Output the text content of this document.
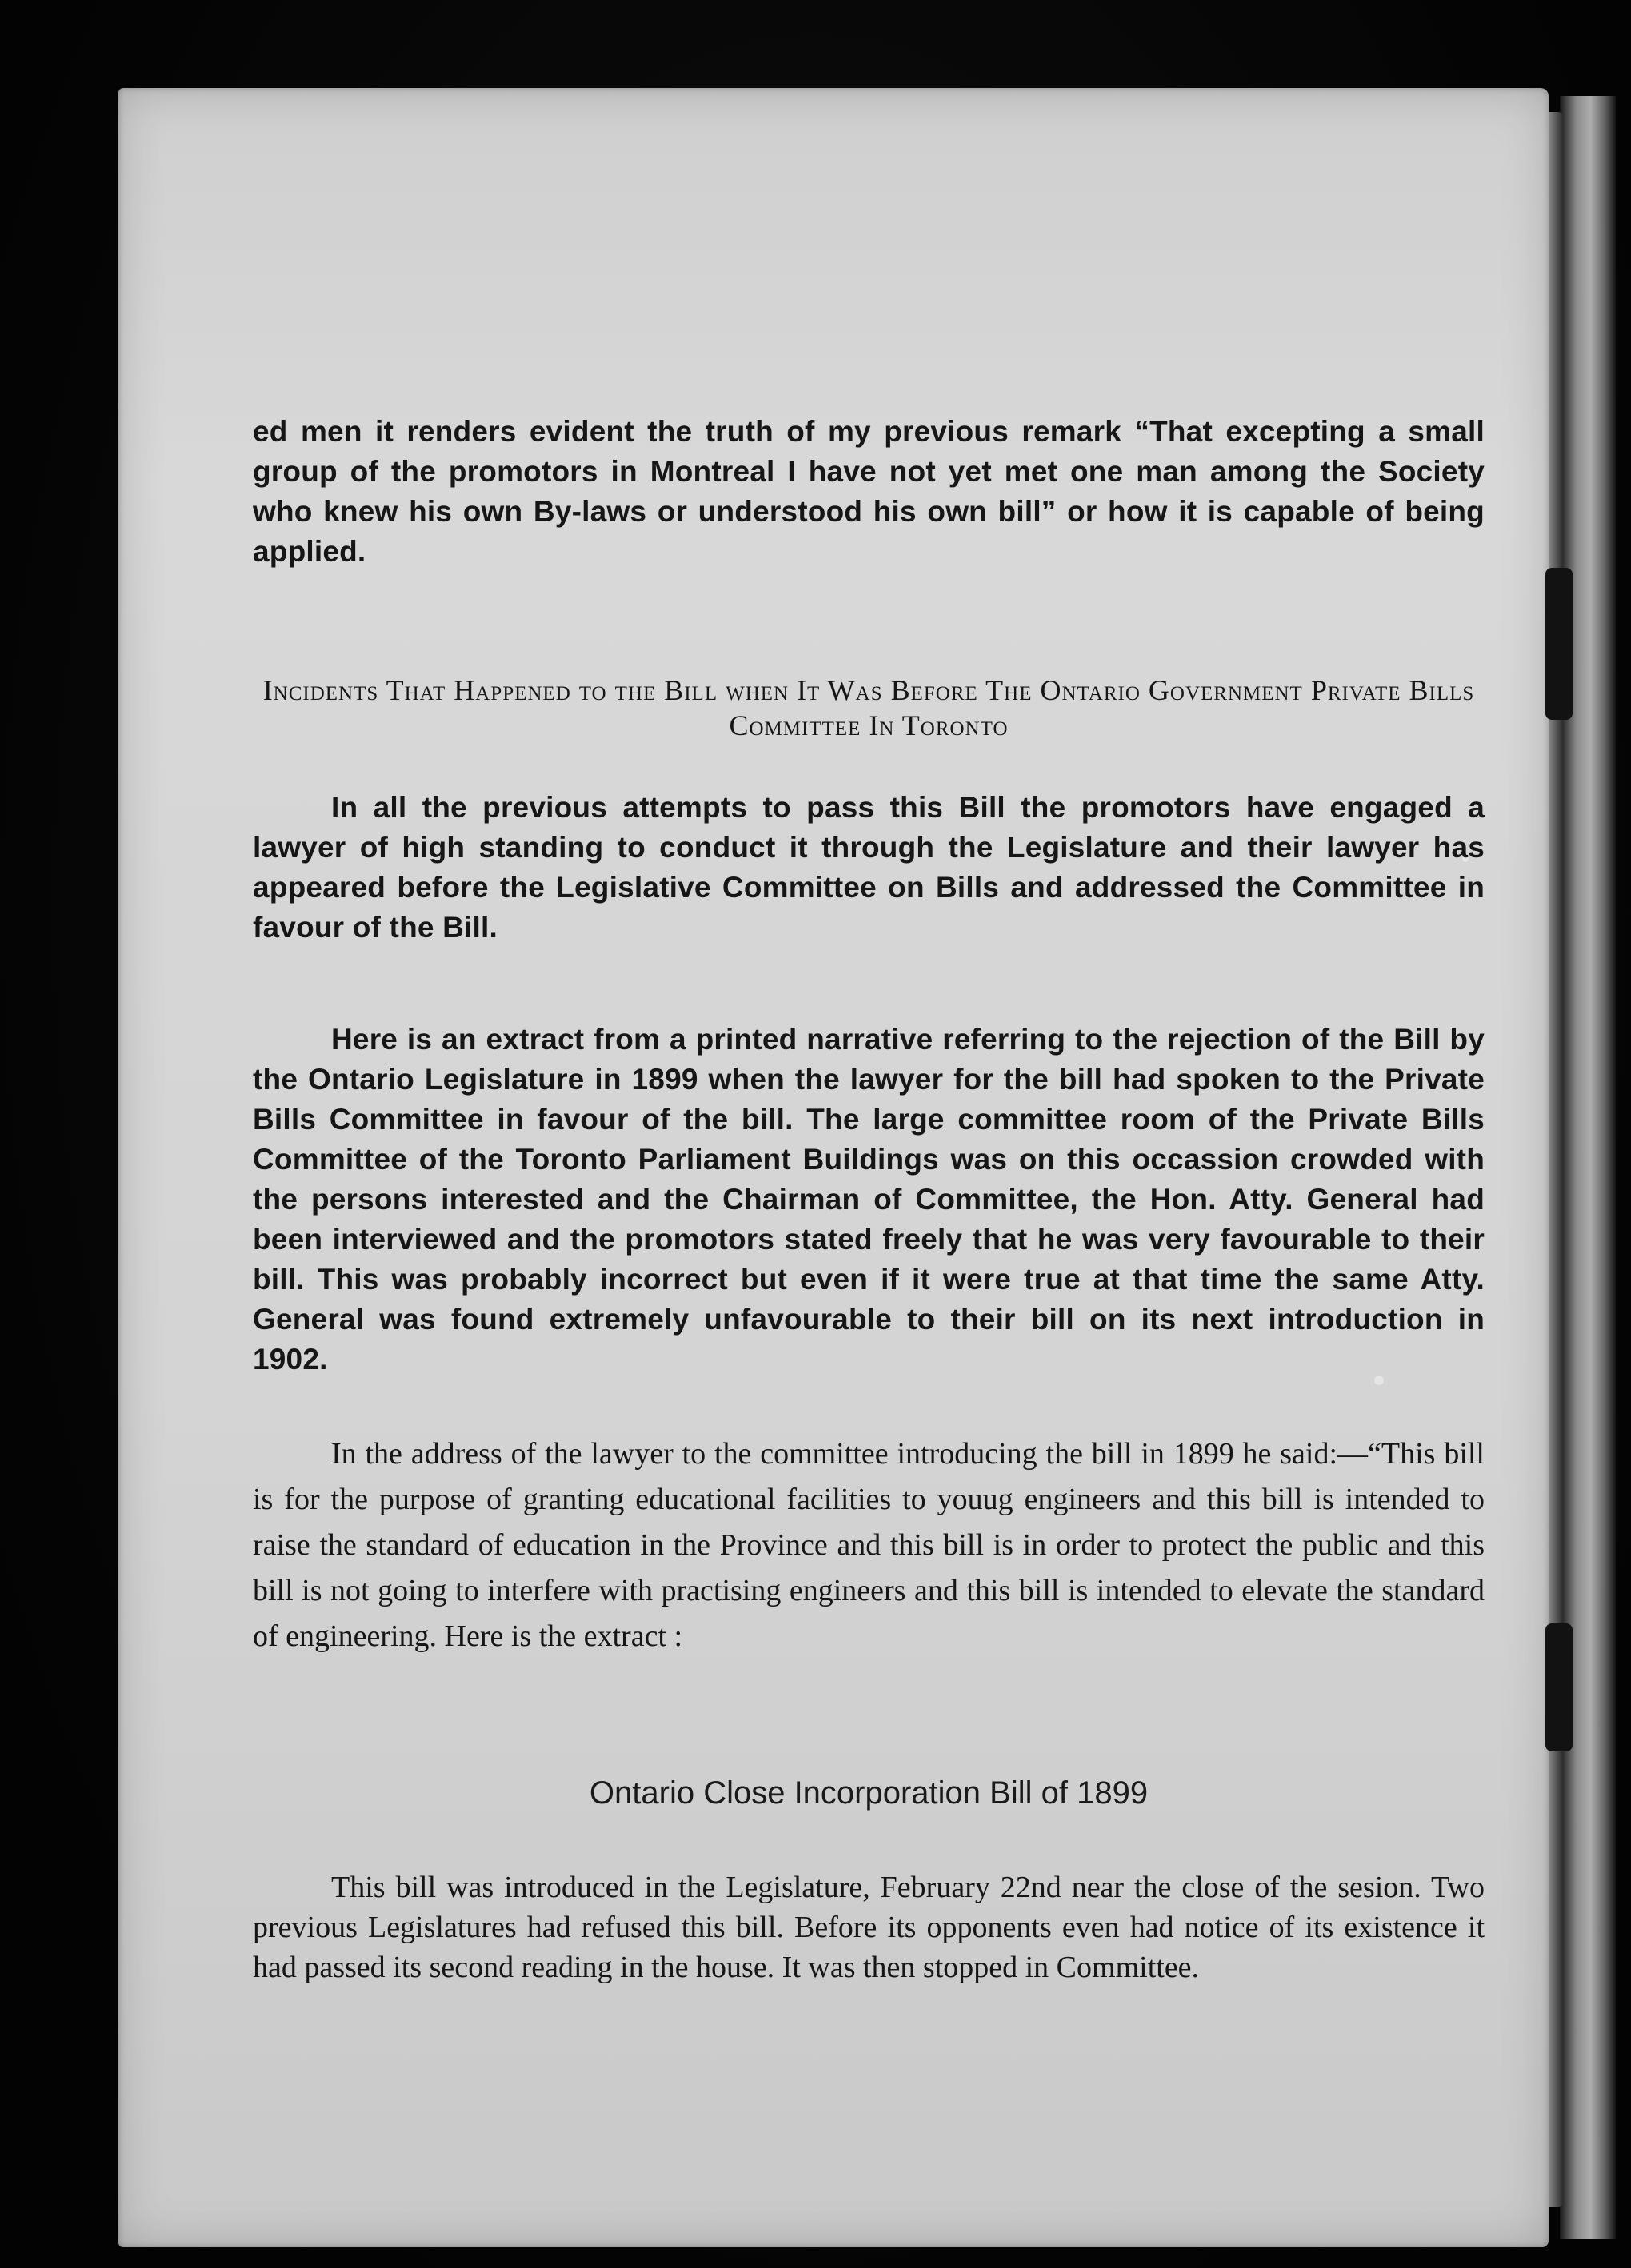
ed men it renders evident the truth of my previous remark “That excepting a small group of the promotors in Montreal I have not yet met one man among the Society who knew his own By-laws or understood his own bill” or how it is capable of being applied.

Incidents That Happened to the Bill when It Was Before The Ontario Government Private Bills Committee In Toronto

In all the previous attempts to pass this Bill the promotors have engaged a lawyer of high standing to conduct it through the Legislature and their lawyer has appeared before the Legislative Committee on Bills and addressed the Committee in favour of the Bill.

Here is an extract from a printed narrative referring to the rejection of the Bill by the Ontario Legislature in 1899 when the lawyer for the bill had spoken to the Private Bills Committee in favour of the bill. The large committee room of the Private Bills Committee of the Toronto Parliament Buildings was on this occassion crowded with the persons interested and the Chairman of Committee, the Hon. Atty. General had been interviewed and the promotors stated freely that he was very favourable to their bill. This was probably incorrect but even if it were true at that time the same Atty. General was found extremely unfavourable to their bill on its next introduction in 1902.

In the address of the lawyer to the committee introducing the bill in 1899 he said:—“This bill is for the purpose of granting educational facilities to youug engineers and this bill is intended to raise the standard of education in the Province and this bill is in order to protect the public and this bill is not going to interfere with practising engineers and this bill is intended to elevate the standard of engineering. Here is the extract :

Ontario Close Incorporation Bill of 1899

This bill was introduced in the Legislature, February 22nd near the close of the sesion. Two previous Legislatures had refused this bill. Before its opponents even had notice of its existence it had passed its second reading in the house. It was then stopped in Committee.
